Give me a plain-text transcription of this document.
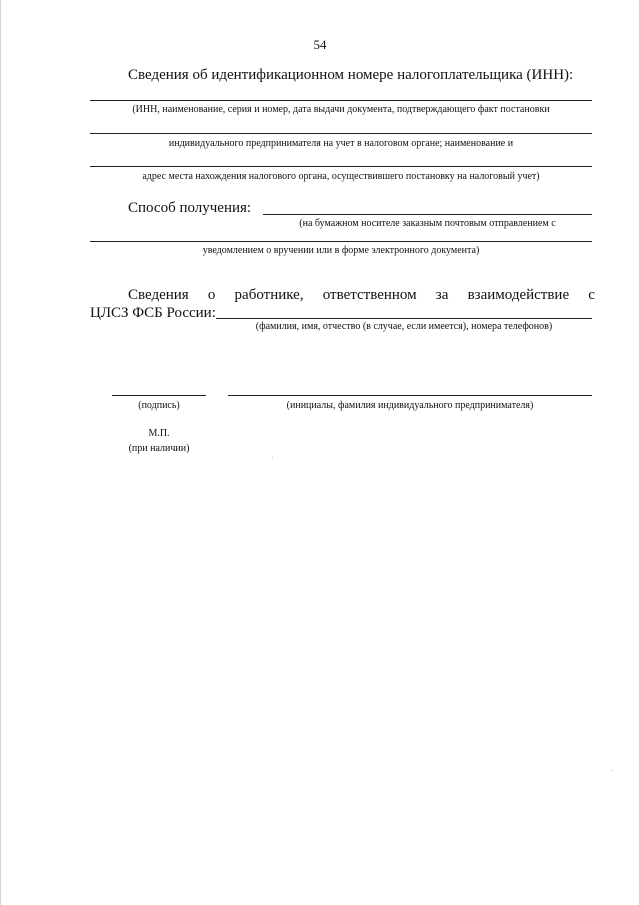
54
Сведения об идентификационном номере налогоплательщика (ИНН):
(ИНН, наименование, серия и номер, дата выдачи документа, подтверждающего факт постановки
индивидуального предпринимателя на учет в налоговом органе; наименование и
адрес места нахождения налогового органа, осуществившего постановку на налоговый учет)
Способ получения:
(на бумажном носителе заказным почтовым отправлением с
уведомлением о вручении или в форме электронного документа)
Сведения о работнике, ответственном за взаимодействие с
ЦЛСЗ ФСБ России:
(фамилия, имя, отчество (в случае, если имеется), номера телефонов)
(подпись)	(инициалы, фамилия индивидуального предпринимателя)
М.П.
(при наличии)
